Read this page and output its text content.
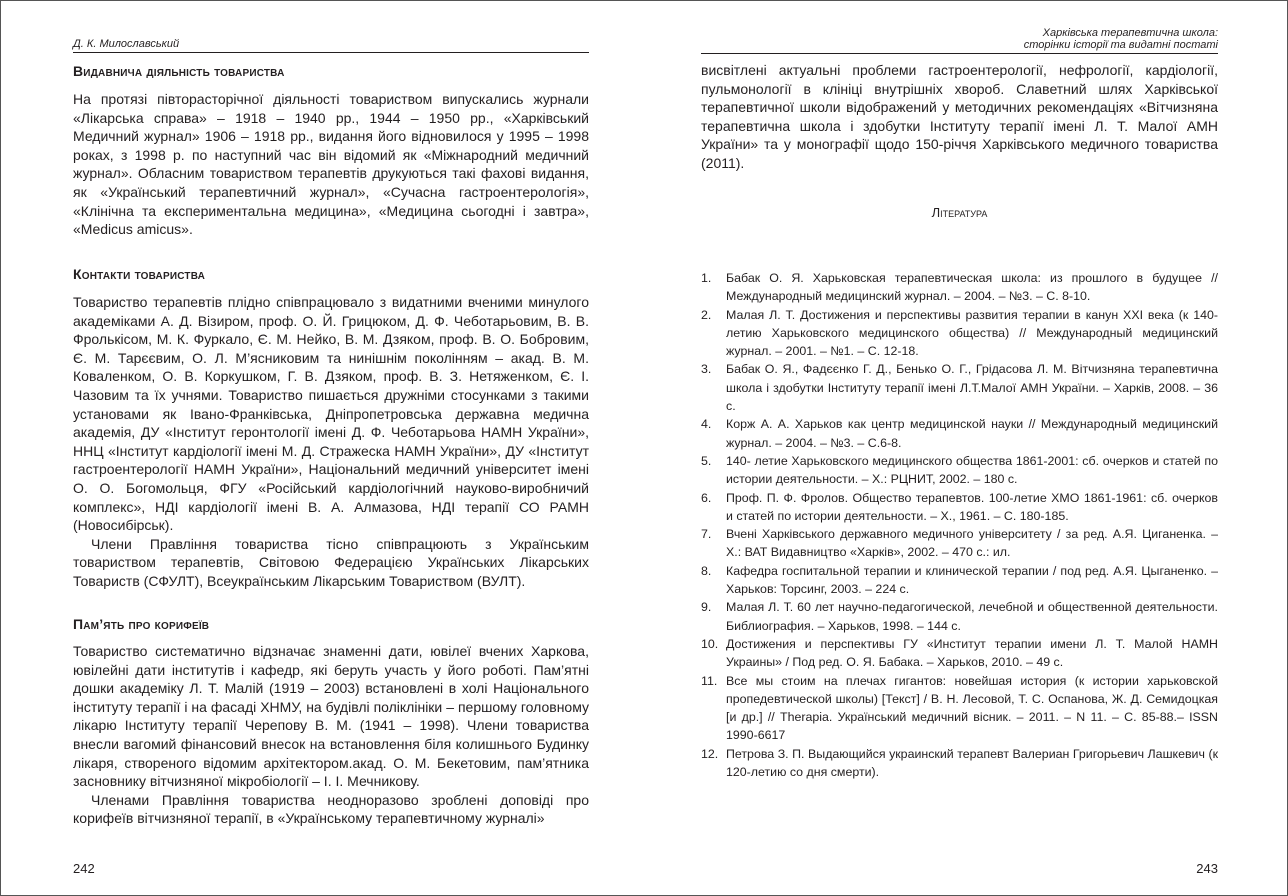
Д. К. Милославський
Видавнича діяльність товариства

На протязі півторасторічної діяльності товариством випускались журнали «Лікарська справа» – 1918 – 1940 рр., 1944 – 1950 рр., «Харківський Медичний журнал» 1906 – 1918 рр., видання його відновилося у 1995 – 1998 роках, з 1998 р. по наступний час він відомий як «Міжнародний медичний журнал». Обласним товариством терапевтів друкуються такі фахові видання, як «Український терапевтичний журнал», «Сучасна гастроентерологія», «Клінічна та експериментальна медицина», «Медицина сьогодні і завтра», «Medicus amicus».

Контакти товариства

Товариство терапевтів плідно співпрацювало з видатними вченими минулого академіками А. Д. Візиром, проф. О. Й. Грицюком, Д. Ф. Чеботарьовим, В. В. Фролькісом, М. К. Фуркало, Є. М. Нейко, В. М. Дзяком, проф. В. О. Бобровим, Є. М. Тарєєвим, О. Л. М’ясниковим та нинішнім поколінням – акад. В. М. Коваленком, О. В. Коркушком, Г. В. Дзяком, проф. В. З. Нетяженком, Є. І. Чазовим та їх учнями. Товариство пишається дружніми стосунками з такими установами як Івано-Франківська, Дніпропетровська державна медична академія, ДУ «Інститут геронтології імені Д. Ф. Чеботарьова НАМН України», ННЦ «Інститут кардіології імені М. Д. Стражеска НАМН України», ДУ «Інститут гастроентерології НАМН України», Національний медичний університет імені О. О. Богомольця, ФГУ «Російський кардіологічний науково-виробничий комплекс», НДІ кардіології імені В. А. Алмазова, НДІ терапії СО РАМН (Новосибірськ).

Члени Правління товариства тісно співпрацюють з Українським товариством терапевтів, Світовою Федерацією Українських Лікарських Товариств (СФУЛТ), Всеукраїнським Лікарським Товариством (ВУЛТ).

Пам’ять про корифеїв

Товариство систематично відзначає знаменні дати, ювілеї вчених Харкова, ювілейні дати інститутів і кафедр, які беруть участь у його роботі. Пам’ятні дошки академіку Л. Т. Малій (1919 – 2003) встановлені в холі Національного інституту терапії і на фасаді ХНМУ, на будівлі поліклініки – першому головному лікарю Інституту терапії Черепову В. М. (1941 – 1998). Члени товариства внесли вагомий фінансовий внесок на встановлення біля колишнього Будинку лікаря, створеного відомим архітектором.акад. О. М. Бекетовим, пам’ятника засновнику вітчизняної мікробіології – І. І. Мечникову.

Членами Правління товариства неодноразово зроблені доповіді про корифеїв вітчизняної терапії, в «Українському терапевтичному журналі»

242
Харківська терапевтична школа:
сторінки історії та видатні постаті

висвітлені актуальні проблеми гастроентерології, нефрології, кардіології, пульмонології в клініці внутрішніх хвороб. Славетний шлях Харківської терапевтичної школи відображений у методичних рекомендаціях «Вітчизняна терапевтична школа і здобутки Інституту терапії імені Л. Т. Малої АМН України» та у монографії щодо 150-річчя Харківського медичного товариства (2011).

Література
1. Бабак О. Я. Харьковская терапевтическая школа: из прошлого в будущее // Международный медицинский журнал. – 2004. – №3. – С. 8-10.
2. Малая Л. Т. Достижения и перспективы развития терапии в канун XXI века (к 140-летию Харьковского медицинского общества) // Международный медицинский журнал. – 2001. – №1. – С. 12-18.
3. Бабак О. Я., Фадєєнко Г. Д., Бенько О. Г., Грідасова Л. М. Вітчизняна терапевтична школа і здобутки Інституту терапії імені Л.Т.Малої АМН України. – Харків, 2008. – 36 с.
4. Корж А. А. Харьков как центр медицинской науки // Международный медицинский журнал. – 2004. – №3. – С.6-8.
5. 140- летие Харьковского медицинского общества 1861-2001: сб. очерков и статей по истории деятельности. – Х.: РЦНИТ, 2002. – 180 с.
6. Проф. П. Ф. Фролов. Общество терапевтов. 100-летие ХМО 1861-1961: сб. очерков и статей по истории деятельности. – Х., 1961. – С. 180-185.
7. Вчені Харківського державного медичного університету / за ред. А.Я. Циганенка. – Х.: ВАТ Видавництво «Харків», 2002. – 470 с.: ил.
8. Кафедра госпитальной терапии и клинической терапии / под ред. А.Я. Цыганенко. – Харьков: Торсинг, 2003. – 224 с.
9. Малая Л. Т. 60 лет научно-педагогической, лечебной и общественной деятельности. Библиография. – Харьков, 1998. – 144 с.
10. Достижения и перспективы ГУ «Институт терапии имени Л. Т. Малой НАМН Украины» / Под ред. О. Я. Бабака. – Харьков, 2010. – 49 с.
11. Все мы стоим на плечах гигантов: новейшая история (к истории харьковской пропедевтической школы) [Текст] / В. Н. Лесовой, Т. С. Оспанова, Ж. Д. Семидоцкая [и др.] // Therapia. Український медичний вісник. – 2011. – N 11. – С. 85-88.– ISSN 1990-6617
12. Петрова З. П. Выдающийся украинский терапевт Валериан Григорьевич Лашкевич (к 120-летию со дня смерти).
243
